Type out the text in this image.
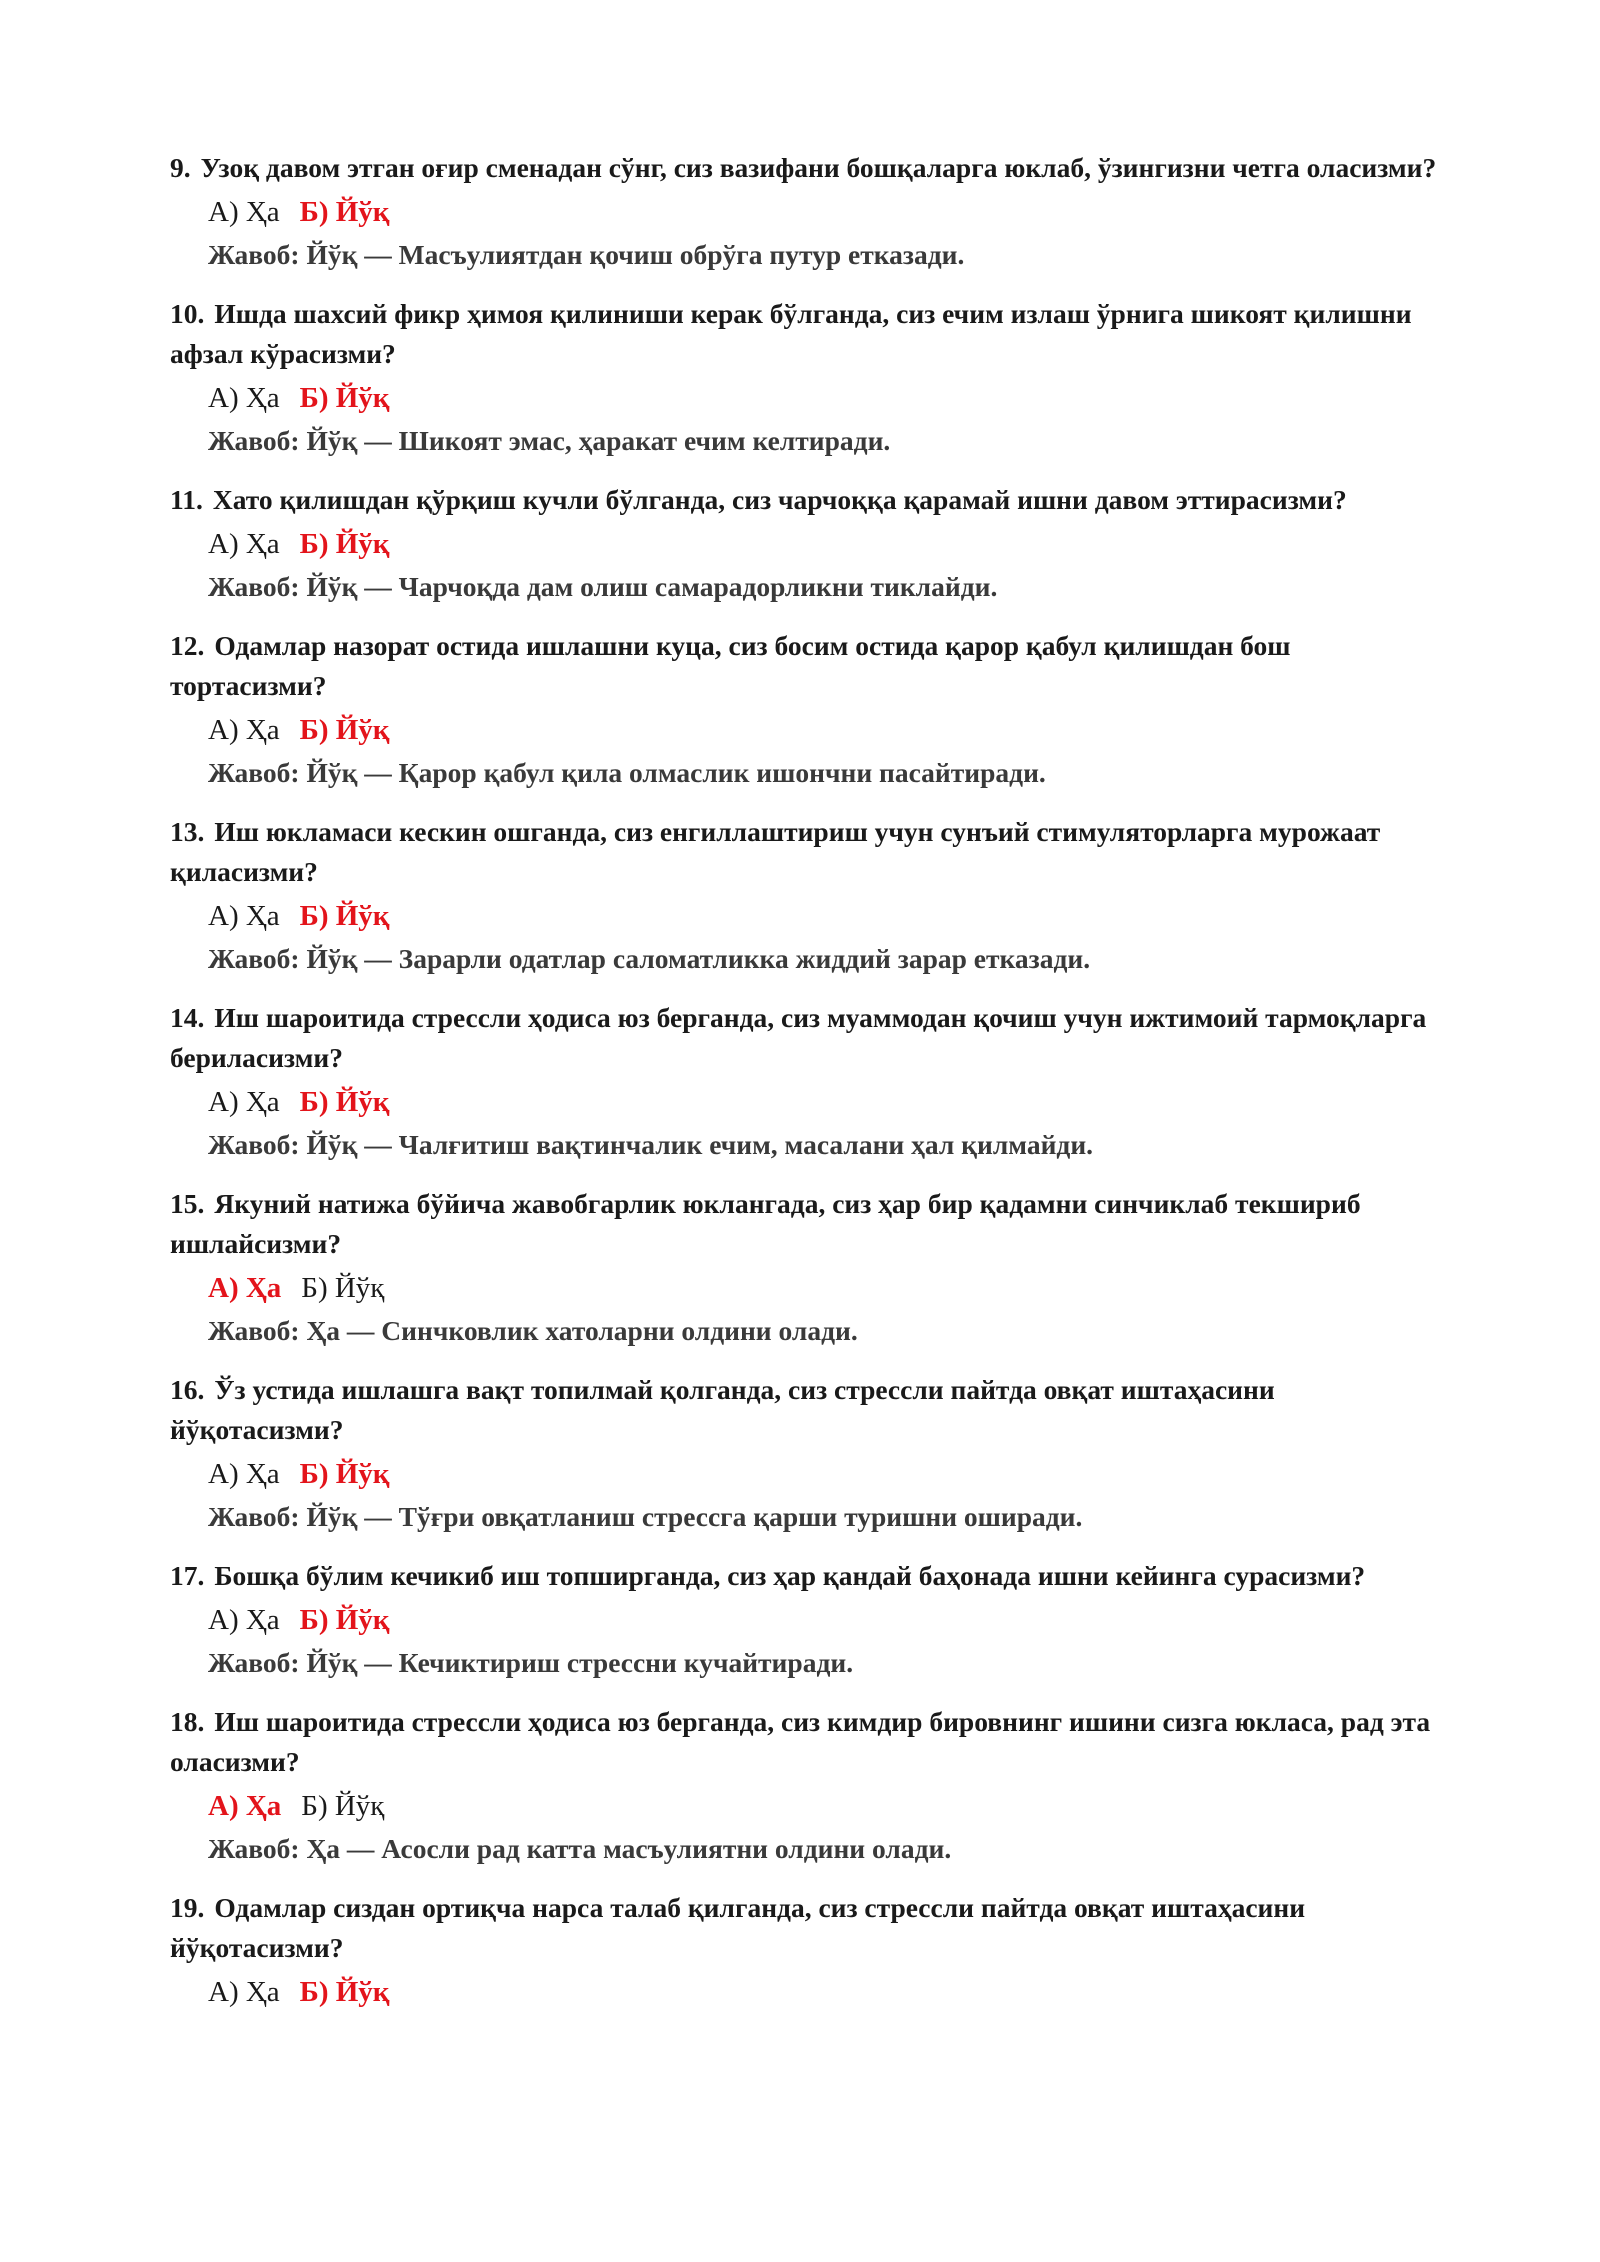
9. Узоқ давом этган оғир сменадан сўнг, сиз вазифани бошқаларга юклаб, ўзингизни четга оласизми?

А) Ҳа Б) Йўқ
Жавоб: Йўқ — Масъулиятдан қочиш обрўга путур етказади.

10. Ишда шахсий фикр ҳимоя қилиниши керак бўлганда, сиз ечим излаш ўрнига шикоят қилишни афзал кўрасизми?

А) Ҳа Б) Йўқ
Жавоб: Йўқ — Шикоят эмас, ҳаракат ечим келтиради.

11. Хато қилишдан қўрқиш кучли бўлганда, сиз чарчоққа қарамай ишни давом эттирасизми?

А) Ҳа Б) Йўқ
Жавоб: Йўқ — Чарчоқда дам олиш самарадорликни тиклайди.

12. Одамлар назорат остида ишлашни куца, сиз босим остида қарор қабул қилишдан бош тортасизми?

А) Ҳа Б) Йўқ
Жавоб: Йўқ — Қарор қабул қила олмаслик ишончни пасайтиради.

13. Иш юкламаси кескин ошганда, сиз енгиллаштириш учун сунъий стимуляторларга мурожаат қиласизми?

А) Ҳа Б) Йўқ
Жавоб: Йўқ — Зарарли одатлар саломатликка жиддий зарар етказади.

14. Иш шароитида стрессли ҳодиса юз берганда, сиз муаммодан қочиш учун ижтимоий тармоқларга бериласизми?

А) Ҳа Б) Йўқ
Жавоб: Йўқ — Чалғитиш вақтинчалик ечим, масалани ҳал қилмайди.

15. Якуний натижа бўйича жавобгарлик юклангада, сиз ҳар бир қадамни синчиклаб текшириб ишлайсизми?

А) Ҳа Б) Йўқ
Жавоб: Ҳа — Синчковлик хатоларни олдини олади.

16. Ўз устида ишлашга вақт топилмай қолганда, сиз стрессли пайтда овқат иштаҳасини йўқотасизми?

А) Ҳа Б) Йўқ
Жавоб: Йўқ — Тўғри овқатланиш стрессга қарши туришни оширади.

17. Бошқа бўлим кечикиб иш топширганда, сиз ҳар қандай баҳонада ишни кейинга сурасизми?

А) Ҳа Б) Йўқ
Жавоб: Йўқ — Кечиктириш стрессни кучайтиради.

18. Иш шароитида стрессли ҳодиса юз берганда, сиз кимдир бировнинг ишини сизга юкласа, рад эта оласизми?

А) Ҳа Б) Йўқ
Жавоб: Ҳа — Асосли рад катта масъулиятни олдини олади.

19. Одамлар сиздан ортиқча нарса талаб қилганда, сиз стрессли пайтда овқат иштаҳасини йўқотасизми?

А) Ҳа Б) Йўқ
